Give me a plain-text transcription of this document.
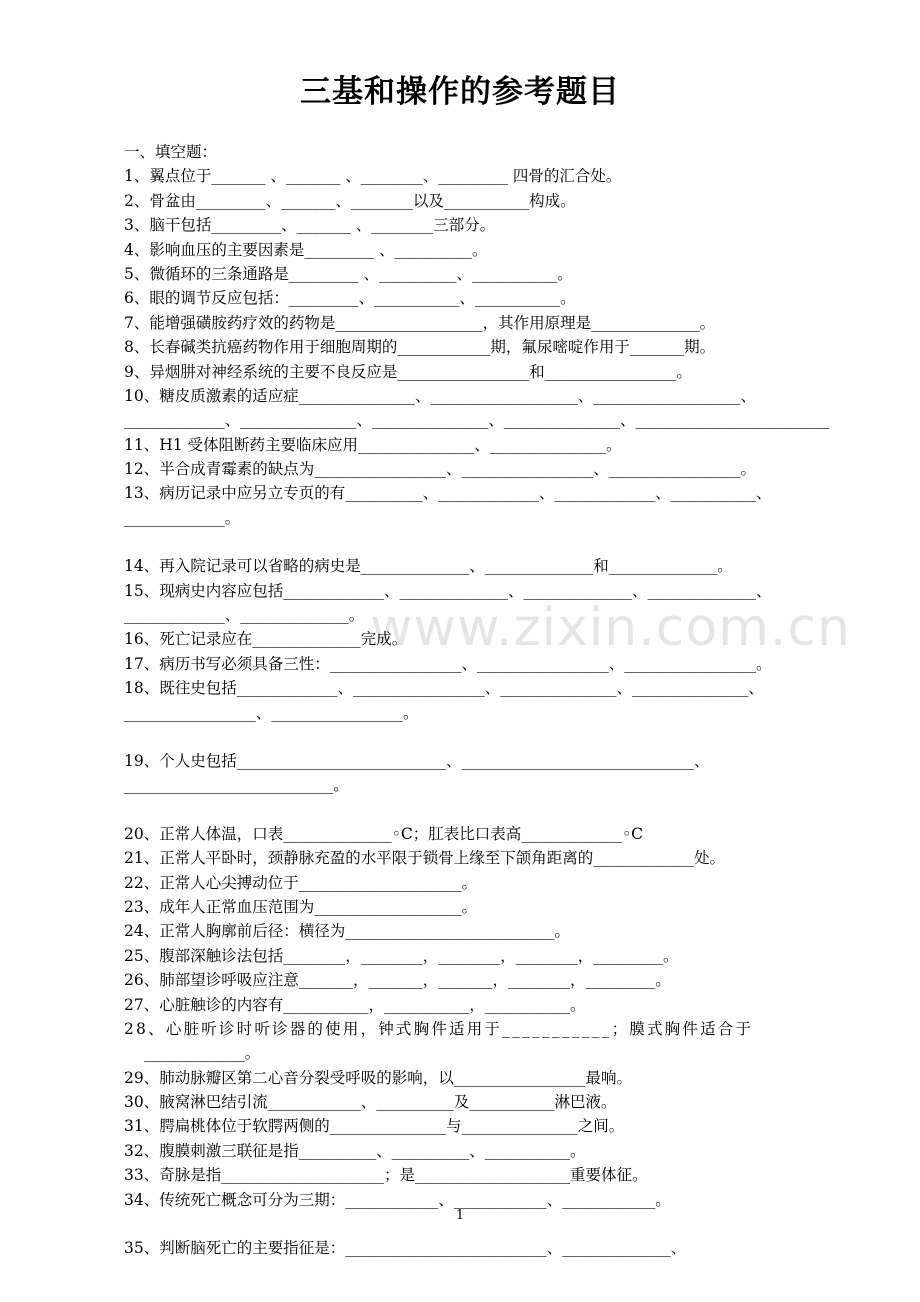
三基和操作的参考题目
一、填空题：
1、翼点位于_______ 、_______ 、________、_________ 四骨的汇合处。
2、骨盆由_________、_______、________以及___________构成。
3、脑干包括_________、_______ 、________三部分。
4、影响血压的主要因素是_________ 、__________。
5、微循环的三条通路是_________ 、__________、___________。
6、眼的调节反应包括：_________、___________、___________。
7、能增强磺胺药疗效的药物是___________________，其作用原理是______________。
8、长春碱类抗癌药物作用于细胞周期的____________期，氟尿嘧啶作用于_______期。
9、异烟肼对神经系统的主要不良反应是_________________和_________________。
10、糖皮质激素的适应症_______________、___________________、___________________、
_____________、_______________、_______________、_______________、_________________________
11、H1 受体阻断药主要临床应用_______________、_______________。
12、半合成青霉素的缺点为_________________、_________________、_________________。
13、病历记录中应另立专页的有__________、_____________、_____________、___________、
_____________。
14、再入院记录可以省略的病史是______________、______________和______________。
15、现病史内容应包括_____________、______________、______________、______________、
_____________、______________。
16、死亡记录应在______________完成。
17、病历书写必须具备三性：_________________、_________________、_________________。
18、既往史包括_____________、_________________、_______________、_______________、
_________________、_________________。
19、个人史包括___________________________、______________________________、
___________________________。
20、正常人体温，口表______________◦C；肛表比口表高_____________◦C
21、正常人平卧时，颈静脉充盈的水平限于锁骨上缘至下颌角距离的_____________处。
22、正常人心尖搏动位于_____________________。
23、成年人正常血压范围为___________________。
24、正常人胸廓前后径：横径为___________________________。
25、腹部深触诊法包括________，________，________，________，_________。
26、肺部望诊呼吸应注意_______，_______，_______，________，_________。
27、心脏触诊的内容有___________，___________，___________。
28、心脏听诊时听诊器的使用，钟式胸件适用于___________；膜式胸件适合于
_____________。
29、肺动脉瓣区第二心音分裂受呼吸的影响，以_________________最响。
30、腋窝淋巴结引流____________、__________及___________淋巴液。
31、腭扁桃体位于软腭两侧的_______________与_______________之间。
32、腹膜刺激三联征是指__________、__________、___________。
33、奇脉是指_____________________；是____________________重要体征。
34、传统死亡概念可分为三期：____________、____________、____________。
35、判断脑死亡的主要指征是：__________________________、______________、
www.zixin.com.cn
1
